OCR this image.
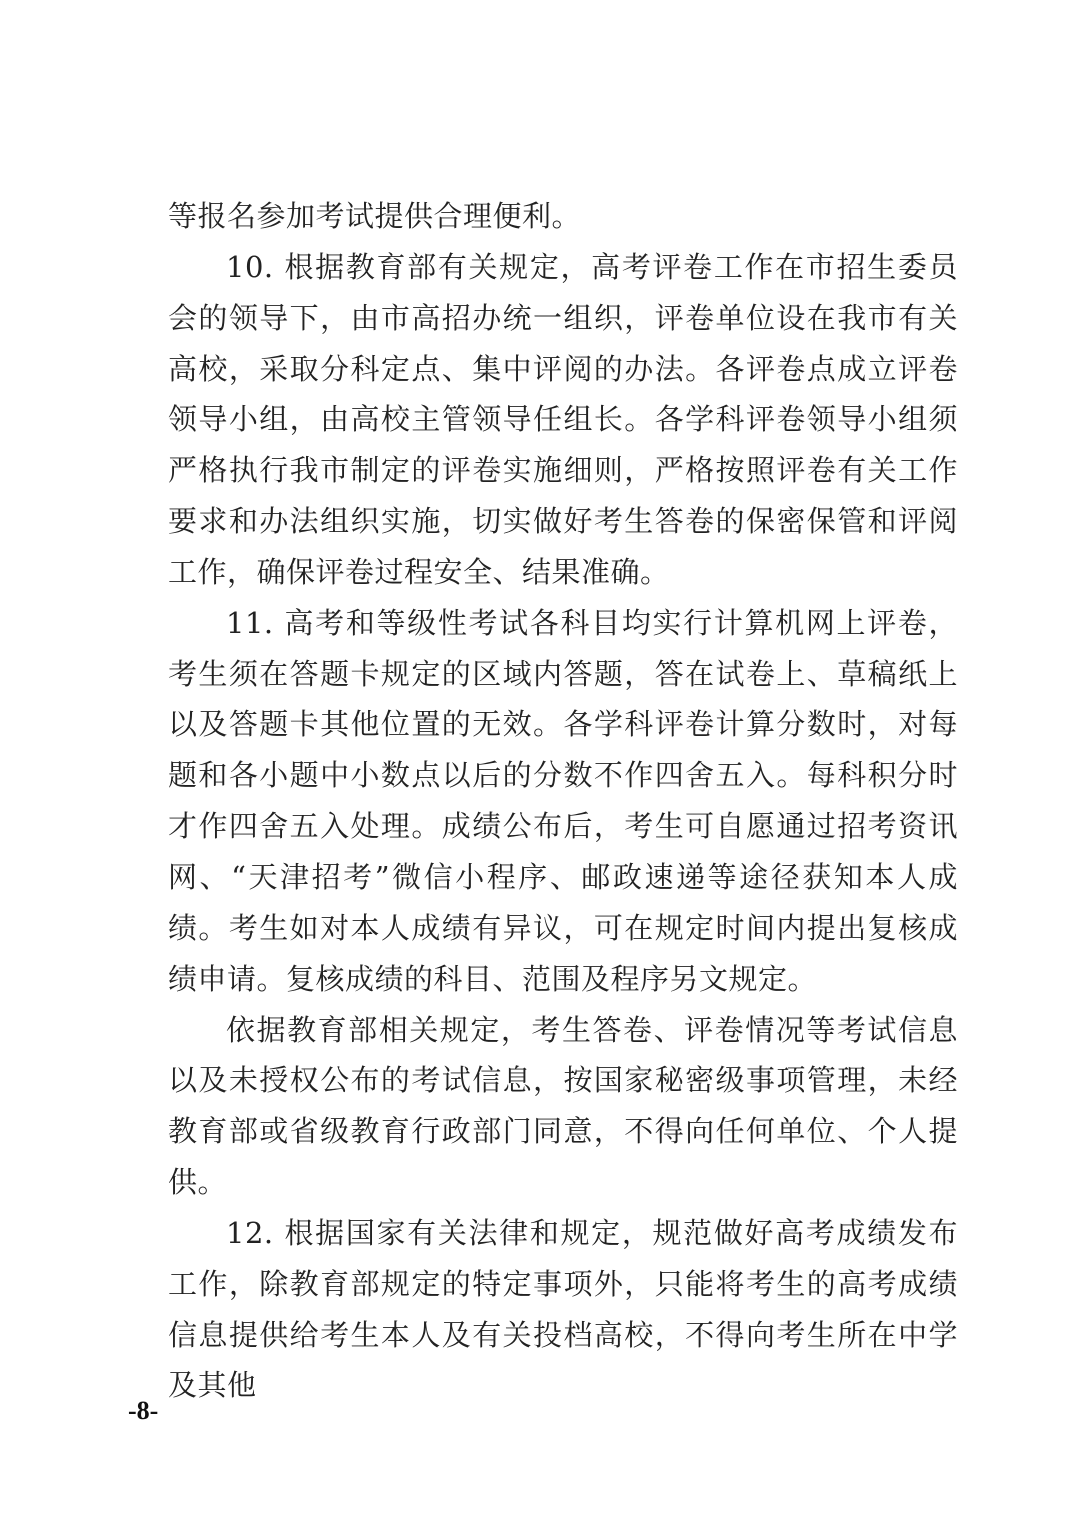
等报名参加考试提供合理便利。

10. 根据教育部有关规定，高考评卷工作在市招生委员会的领导下，由市高招办统一组织，评卷单位设在我市有关高校，采取分科定点、集中评阅的办法。各评卷点成立评卷领导小组，由高校主管领导任组长。各学科评卷领导小组须严格执行我市制定的评卷实施细则，严格按照评卷有关工作要求和办法组织实施，切实做好考生答卷的保密保管和评阅工作，确保评卷过程安全、结果准确。

11. 高考和等级性考试各科目均实行计算机网上评卷，考生须在答题卡规定的区域内答题，答在试卷上、草稿纸上以及答题卡其他位置的无效。各学科评卷计算分数时，对每题和各小题中小数点以后的分数不作四舍五入。每科积分时才作四舍五入处理。成绩公布后，考生可自愿通过招考资讯网、“天津招考”微信小程序、邮政速递等途径获知本人成绩。考生如对本人成绩有异议，可在规定时间内提出复核成绩申请。复核成绩的科目、范围及程序另文规定。

依据教育部相关规定，考生答卷、评卷情况等考试信息以及未授权公布的考试信息，按国家秘密级事项管理，未经教育部或省级教育行政部门同意，不得向任何单位、个人提供。

12. 根据国家有关法律和规定，规范做好高考成绩发布工作，除教育部规定的特定事项外，只能将考生的高考成绩信息提供给考生本人及有关投档高校，不得向考生所在中学及其他

-8-
